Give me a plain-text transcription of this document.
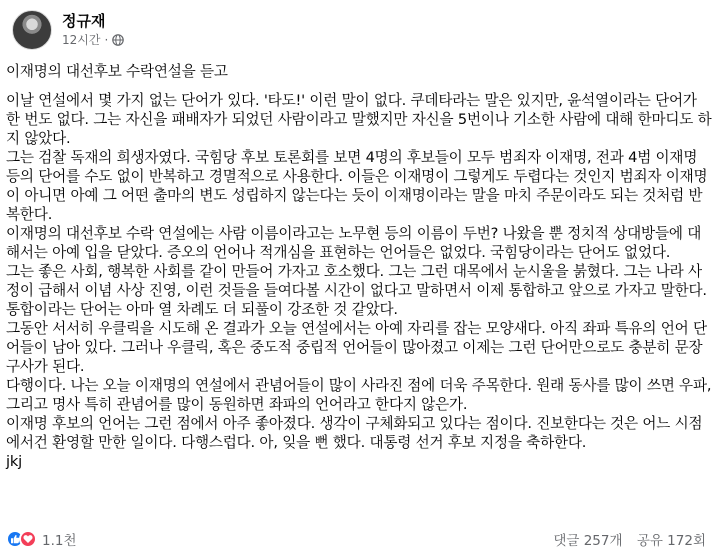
정규재
12시간 ·

이재명의 대선후보 수락연설을 듣고

이날 연설에서 몇 가지 없는 단어가 있다. '타도!' 이런 말이 없다. 쿠데타라는 말은 있지만, 윤석열이라는 단어가 한 번도 없다. 그는 자신을 패배자가 되었던 사람이라고 말했지만 자신을 5번이나 기소한 사람에 대해 한마디도 하지 않았다.

그는 검찰 독재의 희생자였다. 국힘당 후보 토론회를 보면 4명의 후보들이 모두 범죄자 이재명, 전과 4범 이재명 등의 단어를 수도 없이 반복하고 경멸적으로 사용한다. 이들은 이재명이 그렇게도 두렵다는 것인지 범죄자 이재명이 아니면 아예 그 어떤 출마의 변도 성립하지 않는다는 듯이 이재명이라는 말을 마치 주문이라도 되는 것처럼 반복한다.

이재명의 대선후보 수락 연설에는 사람 이름이라고는 노무현 등의 이름이 두번? 나왔을 뿐 정치적 상대방들에 대해서는 아예 입을 닫았다. 증오의 언어나 적개심을 표현하는 언어들은 없었다. 국힘당이라는 단어도 없었다.

그는 좋은 사회, 행복한 사회를 같이 만들어 가자고 호소했다. 그는 그런 대목에서 눈시울을 붉혔다. 그는 나라 사정이 급해서 이념 사상 진영, 이런 것들을 들여다볼 시간이 없다고 말하면서 이제 통합하고 앞으로 가자고 말한다. 통합이라는 단어는 아마 열 차례도 더 되풀이 강조한 것 같았다.

그동안 서서히 우클릭을 시도해 온 결과가 오늘 연설에서는 아예 자리를 잡는 모양새다. 아직 좌파 특유의 언어 단어들이 남아 있다. 그러나 우클릭, 혹은 중도적 중립적 언어들이 많아졌고 이제는 그런 단어만으로도 충분히 문장 구사가 된다.

다행이다. 나는 오늘 이재명의 연설에서 관념어들이 많이 사라진 점에 더욱 주목한다. 원래 동사를 많이 쓰면 우파, 그리고 명사 특히 관념어를 많이 동원하면 좌파의 언어라고 한다지 않은가.

이재명 후보의 언어는 그런 점에서 아주 좋아졌다. 생각이 구체화되고 있다는 점이다. 진보한다는 것은 어느 시점에서건 환영할 만한 일이다. 다행스럽다. 아, 잊을 뻔 했다. 대통령 선거 후보 지정을 축하한다.

jkj

1.1천	댓글 257개 공유 172회
